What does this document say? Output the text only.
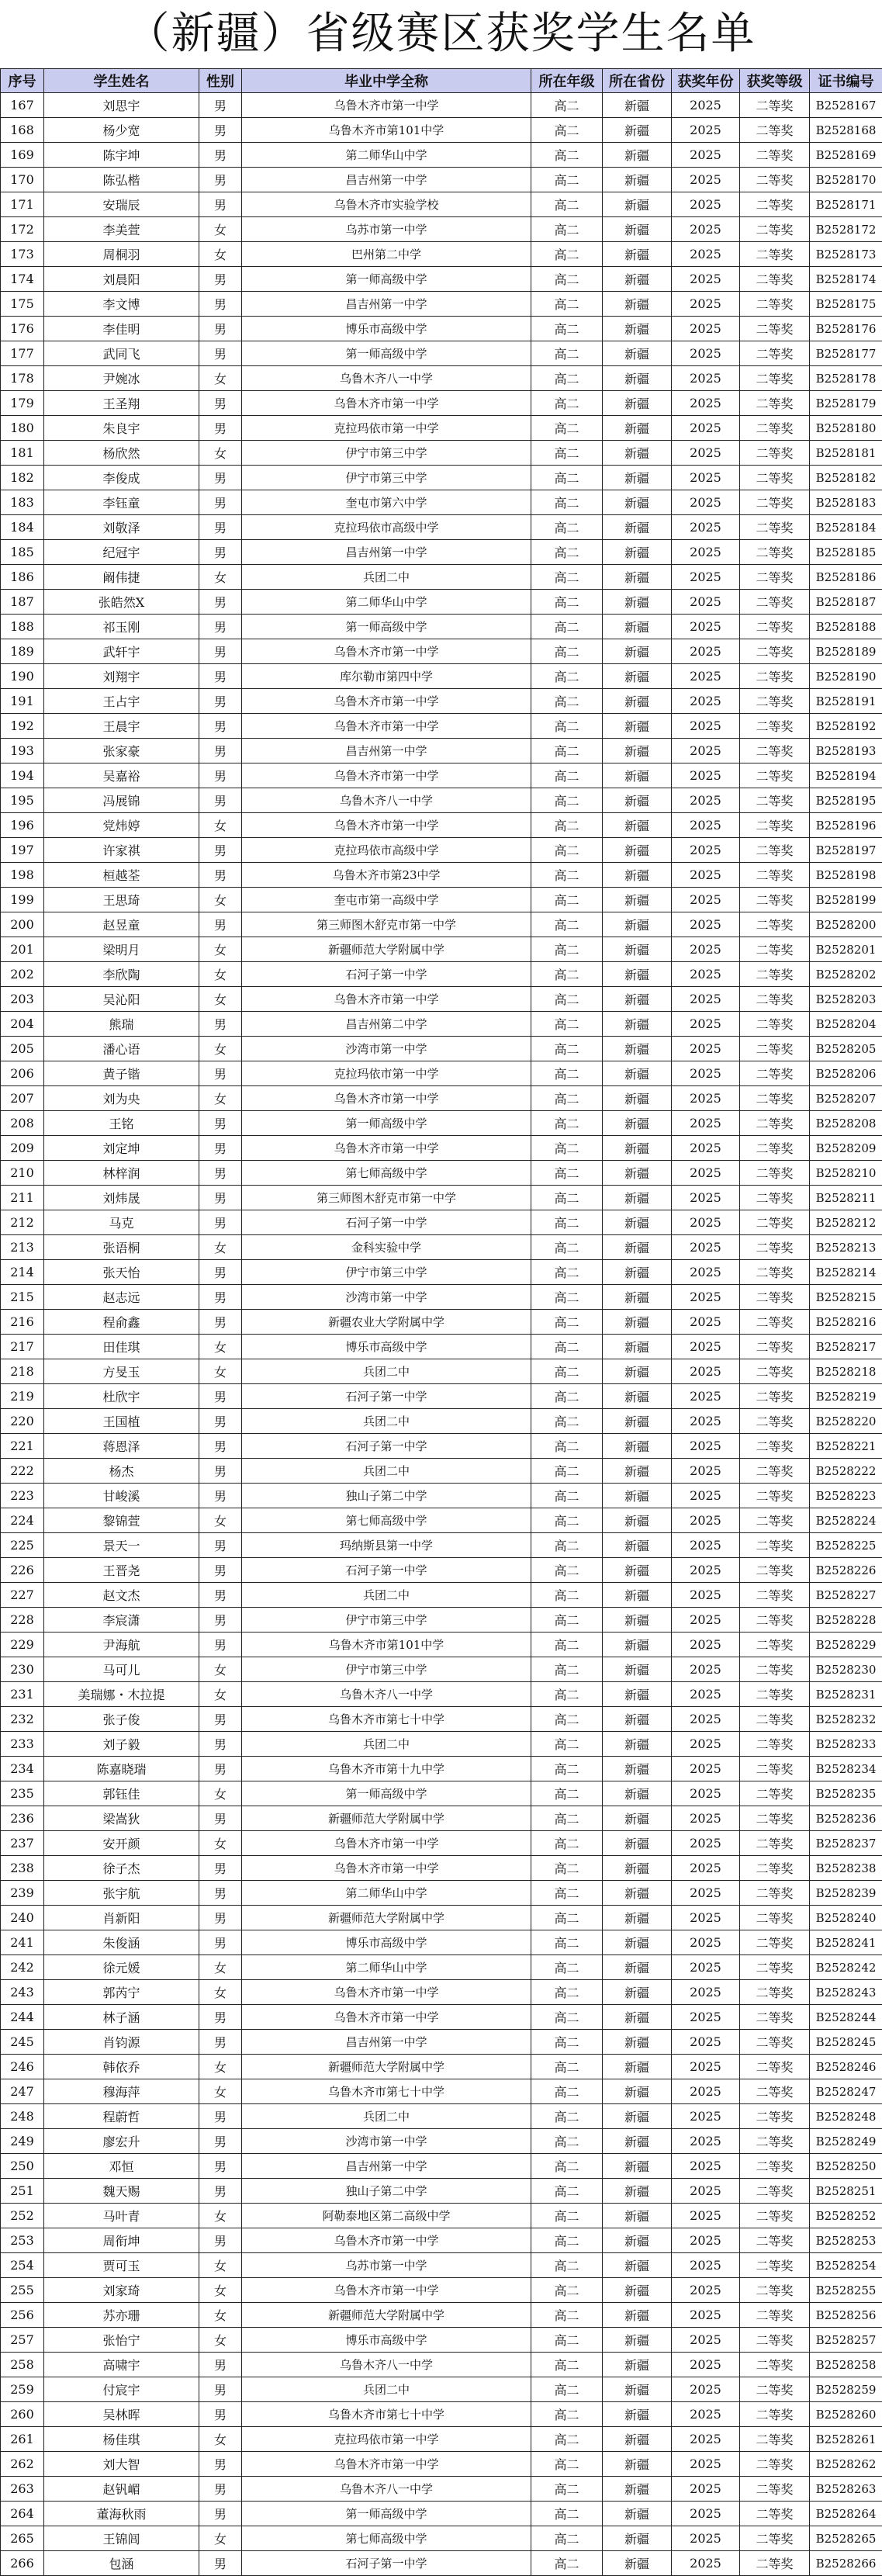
（新疆）省级赛区获奖学生名单
序号	学生姓名	性别	毕业中学全称	所在年级	所在省份	获奖年份	获奖等级	证书编号
167	刘思宇	男	乌鲁木齐市第一中学	高二	新疆	2025	二等奖	B2528167
168	杨少宽	男	乌鲁木齐市第101中学	高二	新疆	2025	二等奖	B2528168
169	陈宇坤	男	第二师华山中学	高二	新疆	2025	二等奖	B2528169
170	陈弘楷	男	昌吉州第一中学	高二	新疆	2025	二等奖	B2528170
171	安瑞辰	男	乌鲁木齐市实验学校	高二	新疆	2025	二等奖	B2528171
172	李美萱	女	乌苏市第一中学	高二	新疆	2025	二等奖	B2528172
173	周桐羽	女	巴州第二中学	高二	新疆	2025	二等奖	B2528173
174	刘晨阳	男	第一师高级中学	高二	新疆	2025	二等奖	B2528174
175	李文博	男	昌吉州第一中学	高二	新疆	2025	二等奖	B2528175
176	李佳明	男	博乐市高级中学	高二	新疆	2025	二等奖	B2528176
177	武同飞	男	第一师高级中学	高二	新疆	2025	二等奖	B2528177
178	尹婉冰	女	乌鲁木齐八一中学	高二	新疆	2025	二等奖	B2528178
179	王圣翔	男	乌鲁木齐市第一中学	高二	新疆	2025	二等奖	B2528179
180	朱良宇	男	克拉玛依市第一中学	高二	新疆	2025	二等奖	B2528180
181	杨欣然	女	伊宁市第三中学	高二	新疆	2025	二等奖	B2528181
182	李俊成	男	伊宁市第三中学	高二	新疆	2025	二等奖	B2528182
183	李钰童	男	奎屯市第六中学	高二	新疆	2025	二等奖	B2528183
184	刘敬泽	男	克拉玛依市高级中学	高二	新疆	2025	二等奖	B2528184
185	纪冠宇	男	昌吉州第一中学	高二	新疆	2025	二等奖	B2528185
186	阚伟捷	女	兵团二中	高二	新疆	2025	二等奖	B2528186
187	张皓然X	男	第二师华山中学	高二	新疆	2025	二等奖	B2528187
188	祁玉刚	男	第一师高级中学	高二	新疆	2025	二等奖	B2528188
189	武轩宇	男	乌鲁木齐市第一中学	高二	新疆	2025	二等奖	B2528189
190	刘翔宇	男	库尔勒市第四中学	高二	新疆	2025	二等奖	B2528190
191	王占宇	男	乌鲁木齐市第一中学	高二	新疆	2025	二等奖	B2528191
192	王晨宇	男	乌鲁木齐市第一中学	高二	新疆	2025	二等奖	B2528192
193	张家豪	男	昌吉州第一中学	高二	新疆	2025	二等奖	B2528193
194	吴嘉裕	男	乌鲁木齐市第一中学	高二	新疆	2025	二等奖	B2528194
195	冯展锦	男	乌鲁木齐八一中学	高二	新疆	2025	二等奖	B2528195
196	党炜婷	女	乌鲁木齐市第一中学	高二	新疆	2025	二等奖	B2528196
197	许家祺	男	克拉玛依市高级中学	高二	新疆	2025	二等奖	B2528197
198	桓越荃	男	乌鲁木齐市第23中学	高二	新疆	2025	二等奖	B2528198
199	王思琦	女	奎屯市第一高级中学	高二	新疆	2025	二等奖	B2528199
200	赵昱童	男	第三师图木舒克市第一中学	高二	新疆	2025	二等奖	B2528200
201	梁明月	女	新疆师范大学附属中学	高二	新疆	2025	二等奖	B2528201
202	李欣陶	女	石河子第一中学	高二	新疆	2025	二等奖	B2528202
203	吴沁阳	女	乌鲁木齐市第一中学	高二	新疆	2025	二等奖	B2528203
204	熊瑞	男	昌吉州第二中学	高二	新疆	2025	二等奖	B2528204
205	潘心语	女	沙湾市第一中学	高二	新疆	2025	二等奖	B2528205
206	黄子锴	男	克拉玛依市第一中学	高二	新疆	2025	二等奖	B2528206
207	刘为央	女	乌鲁木齐市第一中学	高二	新疆	2025	二等奖	B2528207
208	王铭	男	第一师高级中学	高二	新疆	2025	二等奖	B2528208
209	刘定坤	男	乌鲁木齐市第一中学	高二	新疆	2025	二等奖	B2528209
210	林梓润	男	第七师高级中学	高二	新疆	2025	二等奖	B2528210
211	刘炜晟	男	第三师图木舒克市第一中学	高二	新疆	2025	二等奖	B2528211
212	马克	男	石河子第一中学	高二	新疆	2025	二等奖	B2528212
213	张语桐	女	金科实验中学	高二	新疆	2025	二等奖	B2528213
214	张天怡	男	伊宁市第三中学	高二	新疆	2025	二等奖	B2528214
215	赵志远	男	沙湾市第一中学	高二	新疆	2025	二等奖	B2528215
216	程俞鑫	男	新疆农业大学附属中学	高二	新疆	2025	二等奖	B2528216
217	田佳琪	女	博乐市高级中学	高二	新疆	2025	二等奖	B2528217
218	方旻玉	女	兵团二中	高二	新疆	2025	二等奖	B2528218
219	杜欣宇	男	石河子第一中学	高二	新疆	2025	二等奖	B2528219
220	王国植	男	兵团二中	高二	新疆	2025	二等奖	B2528220
221	蒋恩泽	男	石河子第一中学	高二	新疆	2025	二等奖	B2528221
222	杨杰	男	兵团二中	高二	新疆	2025	二等奖	B2528222
223	甘峻溪	男	独山子第二中学	高二	新疆	2025	二等奖	B2528223
224	黎锦萱	女	第七师高级中学	高二	新疆	2025	二等奖	B2528224
225	景天一	男	玛纳斯县第一中学	高二	新疆	2025	二等奖	B2528225
226	王晋尧	男	石河子第一中学	高二	新疆	2025	二等奖	B2528226
227	赵文杰	男	兵团二中	高二	新疆	2025	二等奖	B2528227
228	李宸潇	男	伊宁市第三中学	高二	新疆	2025	二等奖	B2528228
229	尹海航	男	乌鲁木齐市第101中学	高二	新疆	2025	二等奖	B2528229
230	马可儿	女	伊宁市第三中学	高二	新疆	2025	二等奖	B2528230
231	美瑞娜・木拉提	女	乌鲁木齐八一中学	高二	新疆	2025	二等奖	B2528231
232	张子俊	男	乌鲁木齐市第七十中学	高二	新疆	2025	二等奖	B2528232
233	刘子毅	男	兵团二中	高二	新疆	2025	二等奖	B2528233
234	陈嘉晓瑞	男	乌鲁木齐市第十九中学	高二	新疆	2025	二等奖	B2528234
235	郭钰佳	女	第一师高级中学	高二	新疆	2025	二等奖	B2528235
236	梁嵩狄	男	新疆师范大学附属中学	高二	新疆	2025	二等奖	B2528236
237	安开颜	女	乌鲁木齐市第一中学	高二	新疆	2025	二等奖	B2528237
238	徐子杰	男	乌鲁木齐市第一中学	高二	新疆	2025	二等奖	B2528238
239	张宇航	男	第二师华山中学	高二	新疆	2025	二等奖	B2528239
240	肖新阳	男	新疆师范大学附属中学	高二	新疆	2025	二等奖	B2528240
241	朱俊涵	男	博乐市高级中学	高二	新疆	2025	二等奖	B2528241
242	徐元媛	女	第二师华山中学	高二	新疆	2025	二等奖	B2528242
243	郭芮宁	女	乌鲁木齐市第一中学	高二	新疆	2025	二等奖	B2528243
244	林子涵	男	乌鲁木齐市第一中学	高二	新疆	2025	二等奖	B2528244
245	肖钧源	男	昌吉州第一中学	高二	新疆	2025	二等奖	B2528245
246	韩依乔	女	新疆师范大学附属中学	高二	新疆	2025	二等奖	B2528246
247	穆海萍	女	乌鲁木齐市第七十中学	高二	新疆	2025	二等奖	B2528247
248	程蔚哲	男	兵团二中	高二	新疆	2025	二等奖	B2528248
249	廖宏升	男	沙湾市第一中学	高二	新疆	2025	二等奖	B2528249
250	邓恒	男	昌吉州第一中学	高二	新疆	2025	二等奖	B2528250
251	魏天赐	男	独山子第二中学	高二	新疆	2025	二等奖	B2528251
252	马叶青	女	阿勒泰地区第二高级中学	高二	新疆	2025	二等奖	B2528252
253	周衔坤	男	乌鲁木齐市第一中学	高二	新疆	2025	二等奖	B2528253
254	贾可玉	女	乌苏市第一中学	高二	新疆	2025	二等奖	B2528254
255	刘家琦	女	乌鲁木齐市第一中学	高二	新疆	2025	二等奖	B2528255
256	苏亦珊	女	新疆师范大学附属中学	高二	新疆	2025	二等奖	B2528256
257	张怡宁	女	博乐市高级中学	高二	新疆	2025	二等奖	B2528257
258	高啸宇	男	乌鲁木齐八一中学	高二	新疆	2025	二等奖	B2528258
259	付宸宇	男	兵团二中	高二	新疆	2025	二等奖	B2528259
260	吴林晖	男	乌鲁木齐市第七十中学	高二	新疆	2025	二等奖	B2528260
261	杨佳琪	女	克拉玛依市第一中学	高二	新疆	2025	二等奖	B2528261
262	刘大智	男	乌鲁木齐市第一中学	高二	新疆	2025	二等奖	B2528262
263	赵钒嵋	男	乌鲁木齐八一中学	高二	新疆	2025	二等奖	B2528263
264	董海秋雨	男	第一师高级中学	高二	新疆	2025	二等奖	B2528264
265	王锦闾	女	第七师高级中学	高二	新疆	2025	二等奖	B2528265
266	包涵	男	石河子第一中学	高二	新疆	2025	二等奖	B2528266
